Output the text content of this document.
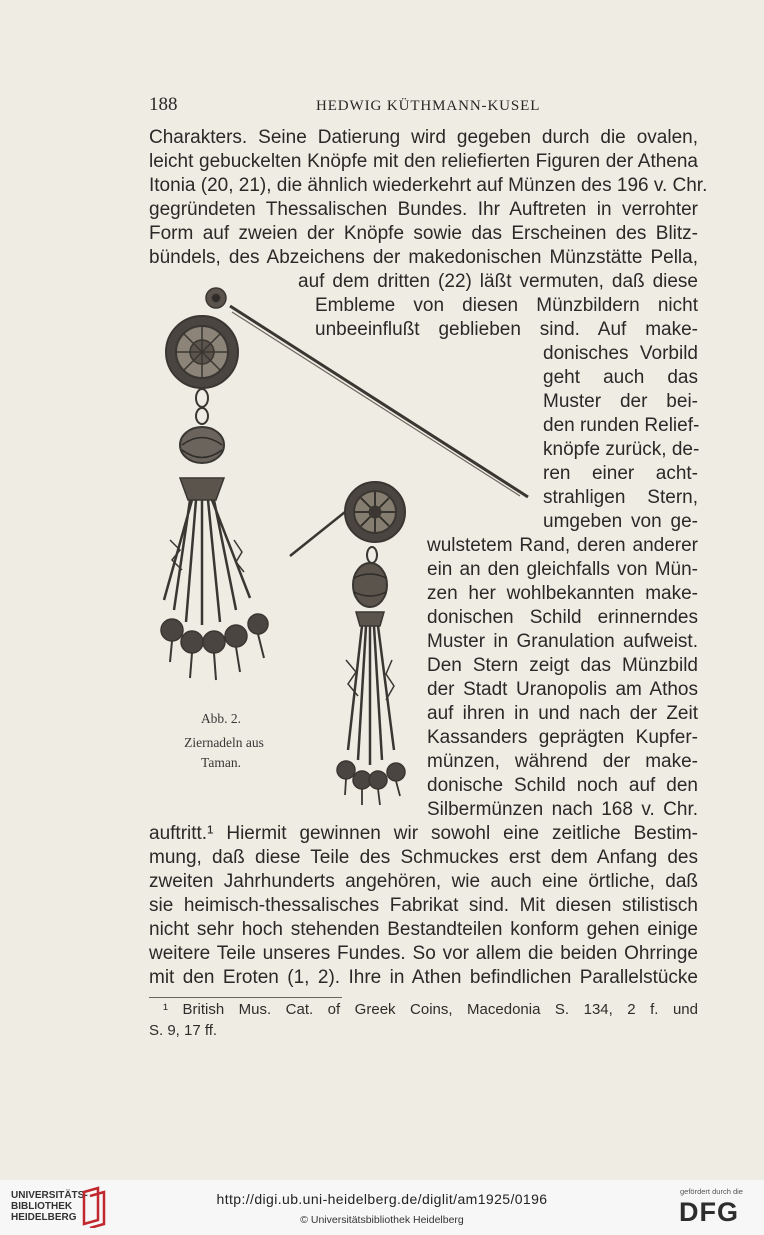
188	HEDWIG KÜTHMANN-KUSEL
Abb. 2.
Ziernadeln aus
Taman.
Charakters. Seine Datierung wird gegeben durch die ovalen,
leicht gebuckelten Knöpfe mit den reliefierten Figuren der Athena
Itonia (20, 21), die ähnlich wiederkehrt auf Münzen des 196 v. Chr.
gegründeten Thessalischen Bundes. Ihr Auftreten in verrohter
Form auf zweien der Knöpfe sowie das Erscheinen des Blitz-
bündels, des Abzeichens der makedonischen Münzstätte Pella,
auf dem dritten (22) läßt vermuten, daß diese
Embleme von diesen Münzbildern nicht
unbeeinflußt geblieben sind. Auf make-
donisches Vorbild
geht auch das
Muster der bei-
den runden Relief-
knöpfe zurück, de-
ren einer acht-
strahligen Stern,
umgeben von ge-
wulstetem Rand, deren anderer
ein an den gleichfalls von Mün-
zen her wohlbekannten make-
donischen Schild erinnerndes
Muster in Granulation aufweist.
Den Stern zeigt das Münzbild
der Stadt Uranopolis am Athos
auf ihren in und nach der Zeit
Kassanders geprägten Kupfer-
münzen, während der make-
donische Schild noch auf den
Silbermünzen nach 168 v. Chr.
auftritt.¹ Hiermit gewinnen wir sowohl eine zeitliche Bestim-
mung, daß diese Teile des Schmuckes erst dem Anfang des
zweiten Jahrhunderts angehören, wie auch eine örtliche, daß
sie heimisch-thessalisches Fabrikat sind. Mit diesen stilistisch
nicht sehr hoch stehenden Bestandteilen konform gehen einige
weitere Teile unseres Fundes. So vor allem die beiden Ohrringe
mit den Eroten (1, 2). Ihre in Athen befindlichen Parallelstücke
¹ British Mus. Cat. of Greek Coins, Macedonia S. 134, 2 f. und
S. 9, 17 ff.
UNIVERSITÄTS-
BIBLIOTHEK
HEIDELBERG
http://digi.ub.uni-heidelberg.de/diglit/am1925/0196
© Universitätsbibliothek Heidelberg
gefördert durch die
DFG
